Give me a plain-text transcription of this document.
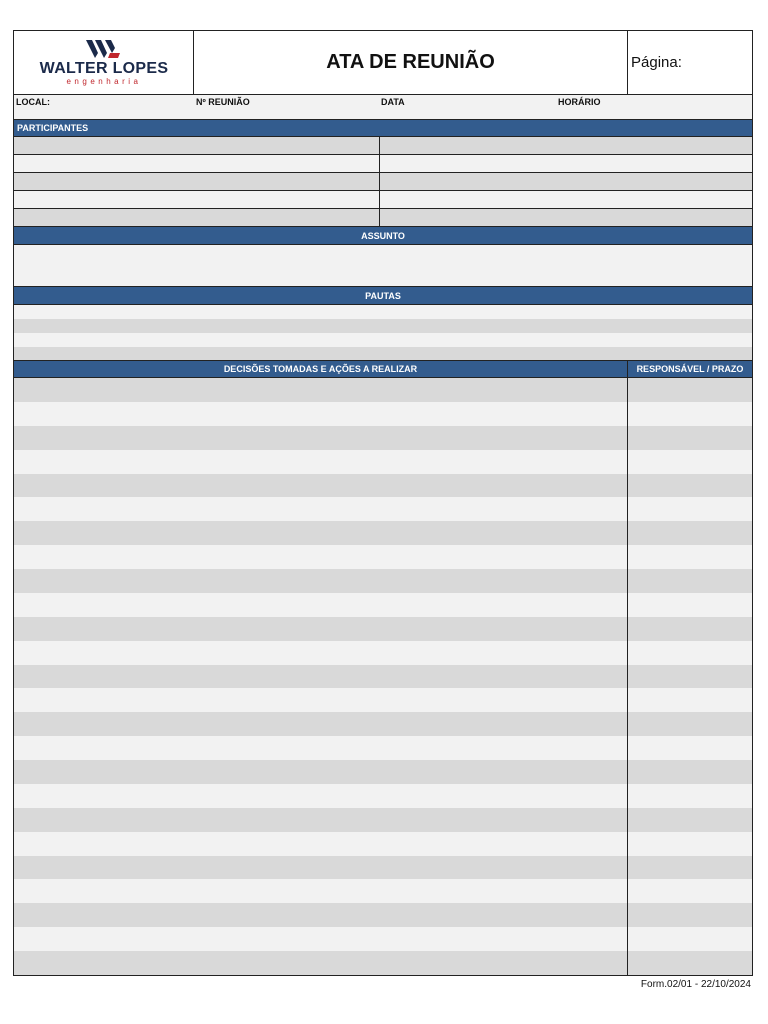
WALTER LOPES
engenharia
ATA DE REUNIÃO	Página:
LOCAL:	Nº REUNIÃO	DATA	HORÁRIO
PARTICIPANTES
ASSUNTO
PAUTAS
DECISÕES TOMADAS E AÇÕES A REALIZAR	RESPONSÁVEL / PRAZO
Form.02/01 - 22/10/2024
